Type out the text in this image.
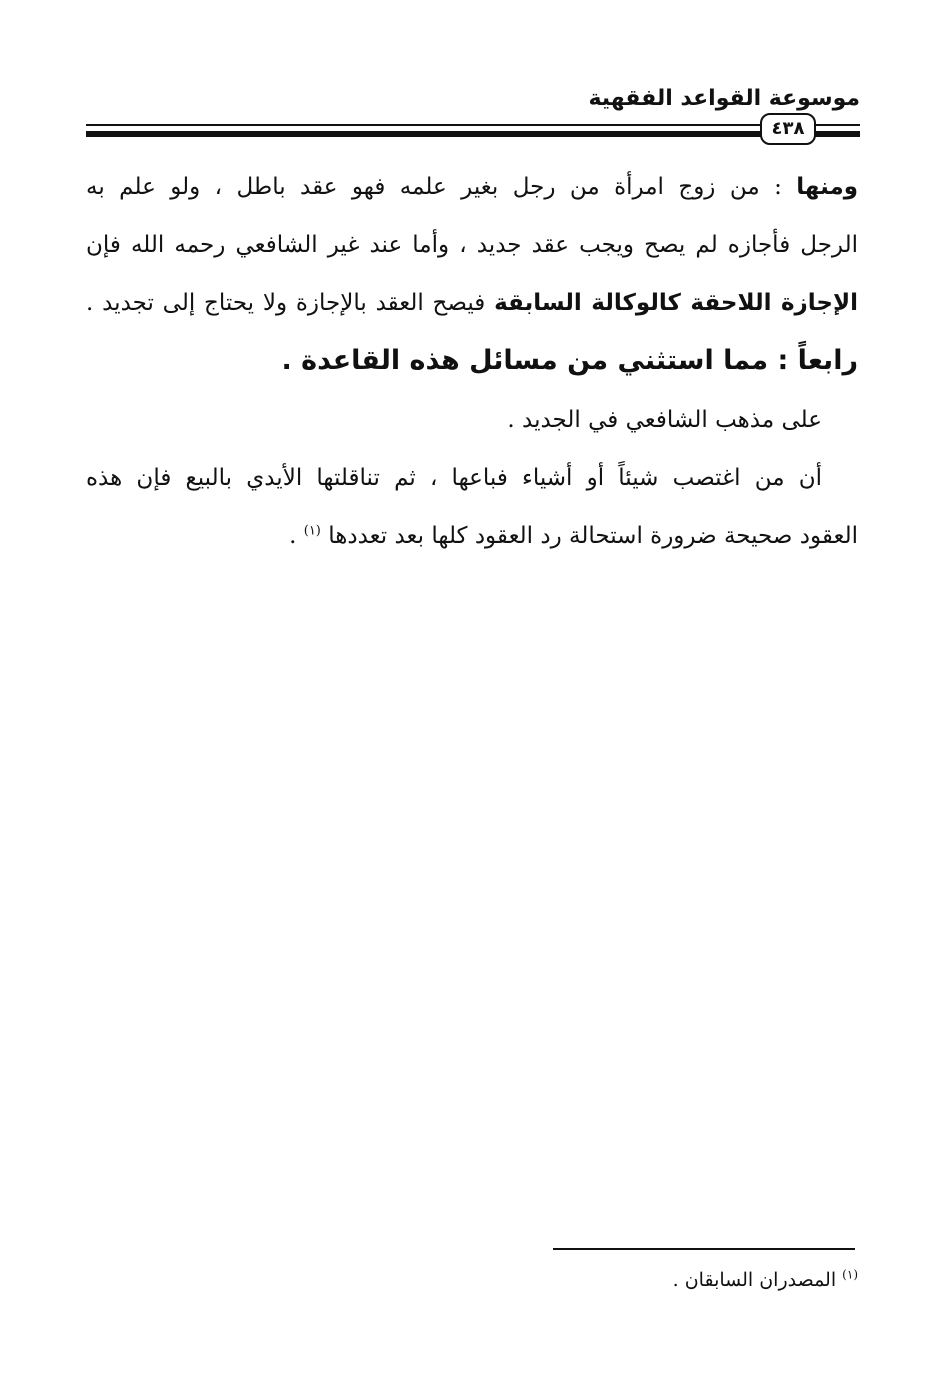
موسوعة القواعد الفقهية
٤٣٨

ومنها : من زوج امرأة من رجل بغير علمه فهو عقد باطل ، ولو علم به

الرجل فأجازه لم يصح ويجب عقد جديد ، وأما عند غير الشافعي رحمه الله فإن

الإجازة اللاحقة كالوكالة السابقة فيصح العقد بالإجازة ولا يحتاج إلى تجديد .

رابعاً : مما استثني من مسائل هذه القاعدة .

على مذهب الشافعي في الجديد .

أن من اغتصب شيئاً أو أشياء فباعها ، ثم تناقلتها الأيدي بالبيع فإن هذه

العقود صحيحة ضرورة استحالة رد العقود كلها بعد تعددها $^{(١)}$ .

$^{(١)}$ المصدران السابقان .
